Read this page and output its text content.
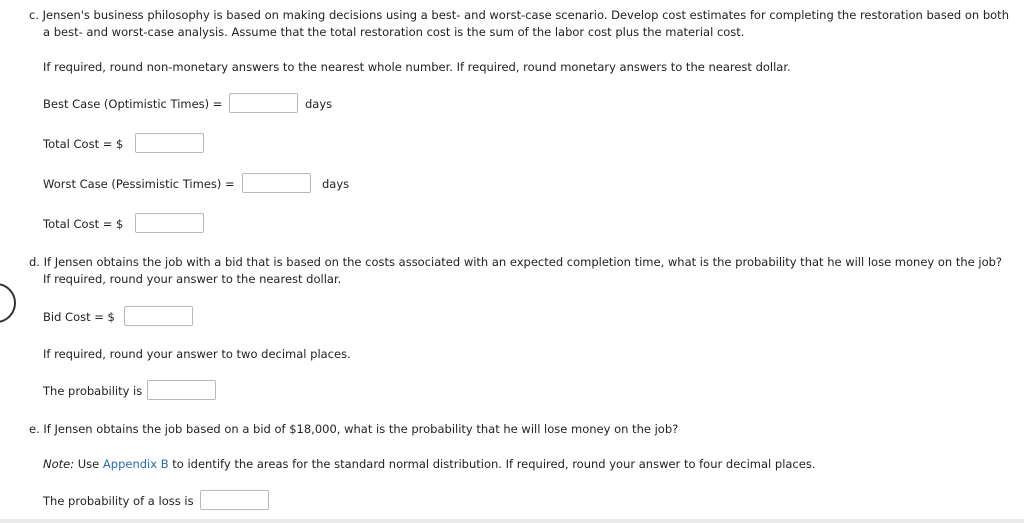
c. Jensen's business philosophy is based on making decisions using a best- and worst-case scenario. Develop cost estimates for completing the restoration based on both
a best- and worst-case analysis. Assume that the total restoration cost is the sum of the labor cost plus the material cost.
If required, round non-monetary answers to the nearest whole number. If required, round monetary answers to the nearest dollar.
Best Case (Optimistic Times) =	days
Total Cost = $
Worst Case (Pessimistic Times) =	days
Total Cost = $
d. If Jensen obtains the job with a bid that is based on the costs associated with an expected completion time, what is the probability that he will lose money on the job?
If required, round your answer to the nearest dollar.
Bid Cost = $
If required, round your answer to two decimal places.
The probability is
e. If Jensen obtains the job based on a bid of $18,000, what is the probability that he will lose money on the job?
Note: Use Appendix B to identify the areas for the standard normal distribution. If required, round your answer to four decimal places.
The probability of a loss is
